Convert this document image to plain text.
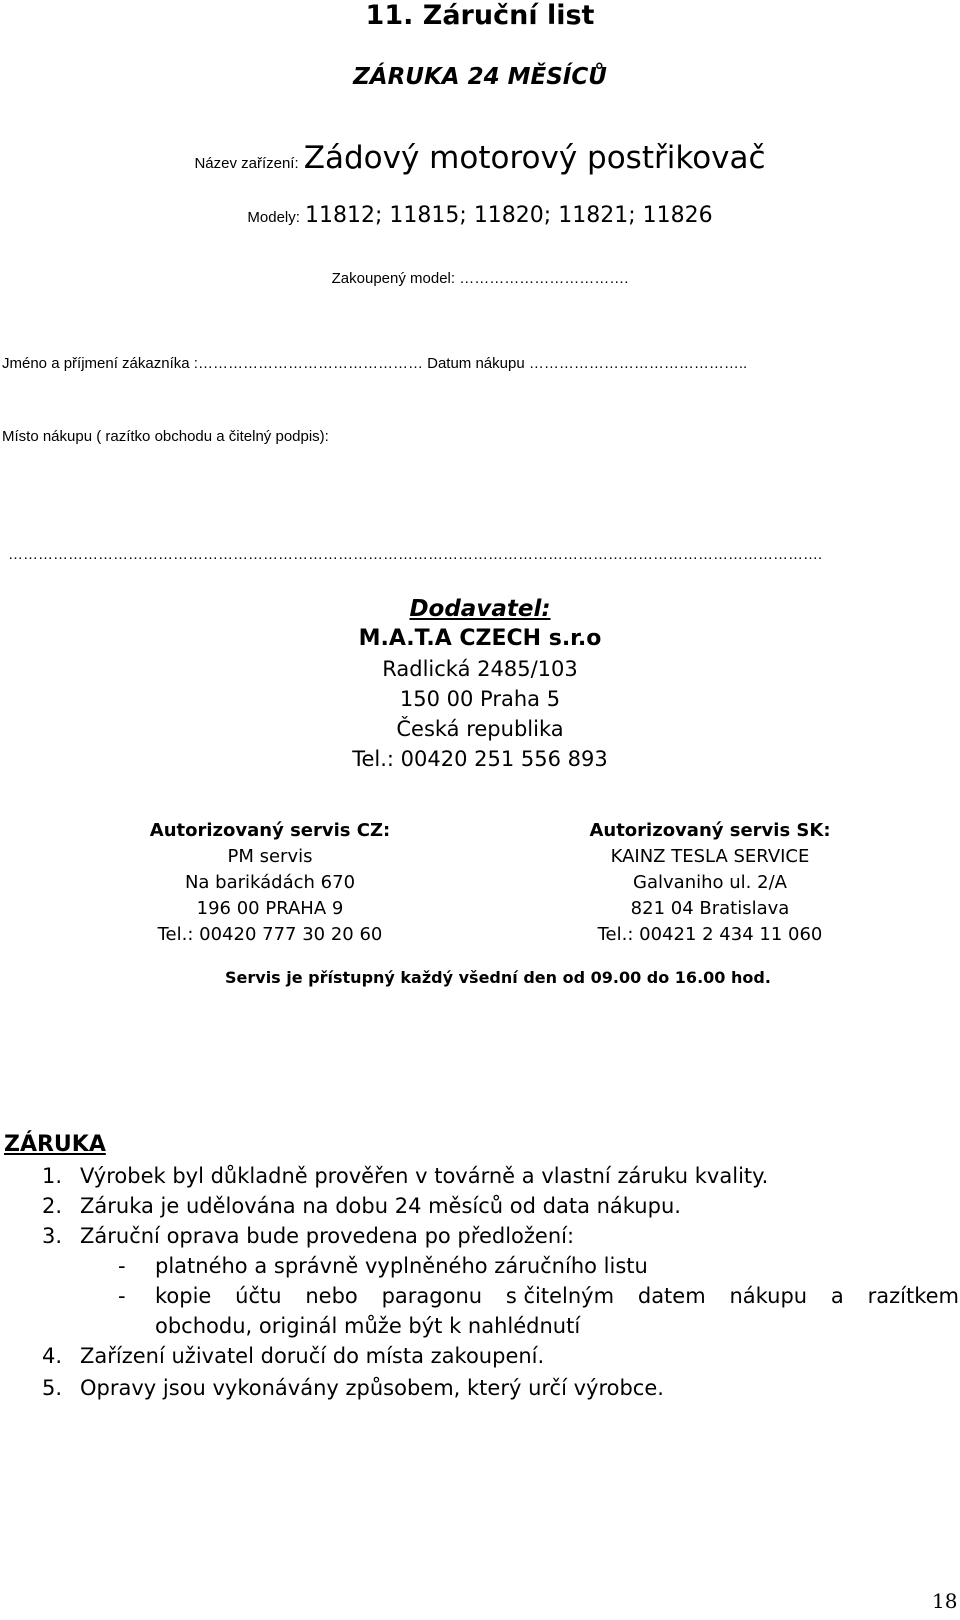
11. Záruční list
ZÁRUKA 24 MĚSÍCŮ
Název zařízení: Zádový motorový postřikovač
Modely: 11812; 11815; 11820; 11821; 11826
Zakoupený model: …………………………….
Jméno a příjmení zákazníka :……………………………………… Datum nákupu ……………………………………..
Místo nákupu ( razítko obchodu a čitelný podpis):
……………………………………………………………………………………………………………………………………………….
Dodavatel:
M.A.T.A CZECH s.r.o
Radlická 2485/103
150 00 Praha 5
Česká republika
Tel.: 00420 251 556 893
Autorizovaný servis CZ:
PM servis
Na barikádách 670
196 00 PRAHA 9
Tel.: 00420 777 30 20 60
Autorizovaný servis SK:
KAINZ TESLA SERVICE
Galvaniho ul. 2/A
821 04 Bratislava
Tel.: 00421 2 434 11 060
Servis je přístupný každý všední den od 09.00 do 16.00 hod.
ZÁRUKA
1. Výrobek byl důkladně prověřen v továrně a vlastní záruku kvality.
2. Záruka je udělována na dobu 24 měsíců od data nákupu.
3. Záruční oprava bude provedena po předložení:
- platného a správně vyplněného záručního listu
- kopie účtu nebo paragonu s čitelným datem nákupu a razítkem
obchodu, originál může být k nahlédnutí
4. Zařízení uživatel doručí do místa zakoupení.
5. Opravy jsou vykonávány způsobem, který určí výrobce.
18
